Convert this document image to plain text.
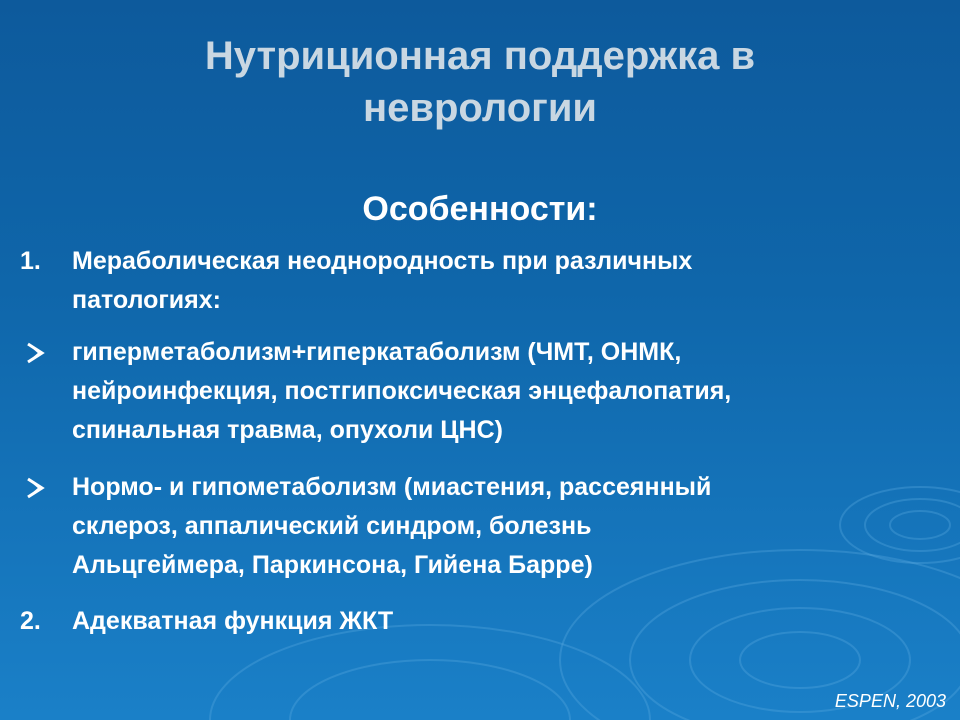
Нутриционная поддержка в
неврологии
Особенности:
1.	Мераболическая неоднородность при различных
патологиях:
гиперметаболизм+гиперкатаболизм (ЧМТ, ОНМК,
нейроинфекция, постгипоксическая энцефалопатия,
спинальная травма, опухоли ЦНС)
Нормо- и гипометаболизм (миастения, рассеянный
склероз, аппалический синдром, болезнь
Альцгеймера, Паркинсона, Гийена Барре)
2.	Адекватная функция ЖКТ
ESPEN, 2003
